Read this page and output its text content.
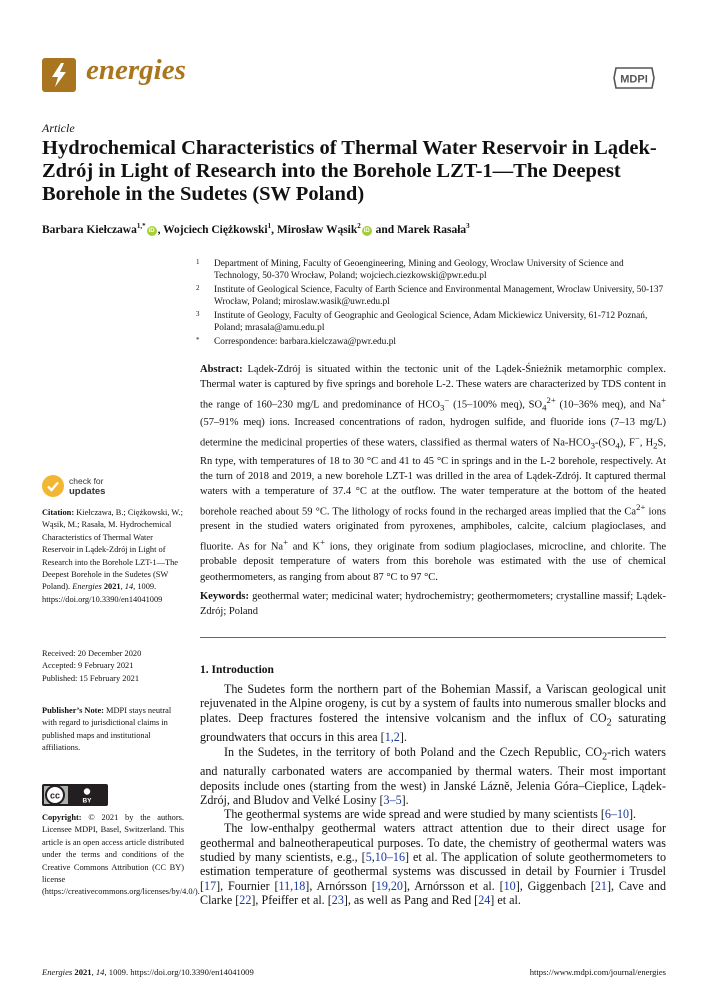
energies	MDPI
Article
Hydrochemical Characteristics of Thermal Water Reservoir in Lądek-Zdrój in Light of Research into the Borehole LZT-1—The Deepest Borehole in the Sudetes (SW Poland)
Barbara Kiełczawa$^{1,*}$iD , Wojciech Ciężkowski$^1$, Mirosław Wąsik$^2$iD and Marek Rasała$^3$
1 Department of Mining, Faculty of Geoengineering, Mining and Geology, Wroclaw University of Science and Technology, 50-370 Wrocław, Poland; wojciech.ciezkowski@pwr.edu.pl
2 Institute of Geological Science, Faculty of Earth Science and Environmental Management, Wroclaw University, 50-137 Wrocław, Poland; miroslaw.wasik@uwr.edu.pl
3 Institute of Geology, Faculty of Geographic and Geological Science, Adam Mickiewicz University, 61-712 Poznań, Poland; mrasala@amu.edu.pl
* Correspondence: barbara.kielczawa@pwr.edu.pl
Abstract: Lądek-Zdrój is situated within the tectonic unit of the Lądek-Śnieżnik metamorphic complex. Thermal water is captured by five springs and borehole L-2. These waters are characterized by TDS content in the range of 160–230 mg/L and predominance of $HCO_3^-$ (15–100% meq), $SO_4^{2+}$ (10–36% meq), and Na+ (57–91% meq) ions. Increased concentrations of radon, hydrogen sulfide, and fluoride ions (7–13 mg/L) determine the medicinal properties of these waters, classified as thermal waters of $Na-HCO_3-(SO_4)$, F−, $H_2S$, Rn type, with temperatures of 18 to 30 °C and 41 to 45 °C in springs and in the L-2 borehole, respectively. At the turn of 2018 and 2019, a new borehole LZT-1 was drilled in the area of Lądek-Zdrój. It captured thermal waters with a temperature of 37.4 °C at the outflow. The water temperature at the bottom of the heated borehole reached about 59 °C. The lithology of rocks found in the recharged areas implied that the $Ca^{2+}$ ions present in the studied waters originated from pyroxenes, amphiboles, calcite, calcium plagioclases, and fluorite. As for Na+ and K+ ions, they originate from sodium plagioclases, microcline, and chlorite. The probable deposit temperature of waters from this borehole was estimated with the use of chemical geothermometers, as ranging from about 87 °C to 97 °C.
Keywords: geothermal water; medicinal water; hydrochemistry; geothermometers; crystalline massif; Lądek-Zdrój; Poland
1. Introduction

The Sudetes form the northern part of the Bohemian Massif, a Variscan geological unit rejuvenated in the Alpine orogeny, is cut by a system of faults into numerous smaller blocks and plates. Deep fractures fostered the intensive volcanism and the influx of $CO_2$ saturating groundwaters that occurs in this area [1,2].

In the Sudetes, in the territory of both Poland and the Czech Republic, $CO_2$-rich waters and naturally carbonated waters are accompanied by thermal waters. Their most important deposits include ones (starting from the west) in Janské Lázně, Jelenia Góra–Cieplice, Lądek-Zdrój, and Bludov and Velké Losiny [3–5].

The geothermal systems are wide spread and were studied by many scientists [6–10].

The low-enthalpy geothermal waters attract attention due to their direct usage for geothermal and balneotherapeutical purposes. To date, the chemistry of geothermal waters was studied by many scientists, e.g., [5,10–16] et al. The application of solute geothermometers to estimation temperature of geothermal systems was discussed in detail by Fournier i Trusdel [17], Fournier [11,18], Arnórsson [19,20], Arnórsson et al. [10], Giggenbach [21], Cave and Clarke [22], Pfeiffer et al. [23], as well as Pang and Red [24] et al.

check for
updates
Citation: Kiełczawa, B.; Ciężkowski, W.; Wąsik, M.; Rasała, M. Hydrochemical Characteristics of Thermal Water Reservoir in Lądek-Zdrój in Light of Research into the Borehole LZT-1—The Deepest Borehole in the Sudetes (SW Poland). Energies 2021, 14, 1009. https://doi.org/10.3390/en14041009
Received: 20 December 2020
Accepted: 9 February 2021
Published: 15 February 2021
Publisher’s Note: MDPI stays neutral with regard to jurisdictional claims in published maps and institutional affiliations.
cc
BY
Copyright: © 2021 by the authors. Licensee MDPI, Basel, Switzerland. This article is an open access article distributed under the terms and conditions of the Creative Commons Attribution (CC BY) license (https://creativecommons.org/licenses/by/4.0/).
Energies 2021, 14, 1009. https://doi.org/10.3390/en14041009	https://www.mdpi.com/journal/energies
